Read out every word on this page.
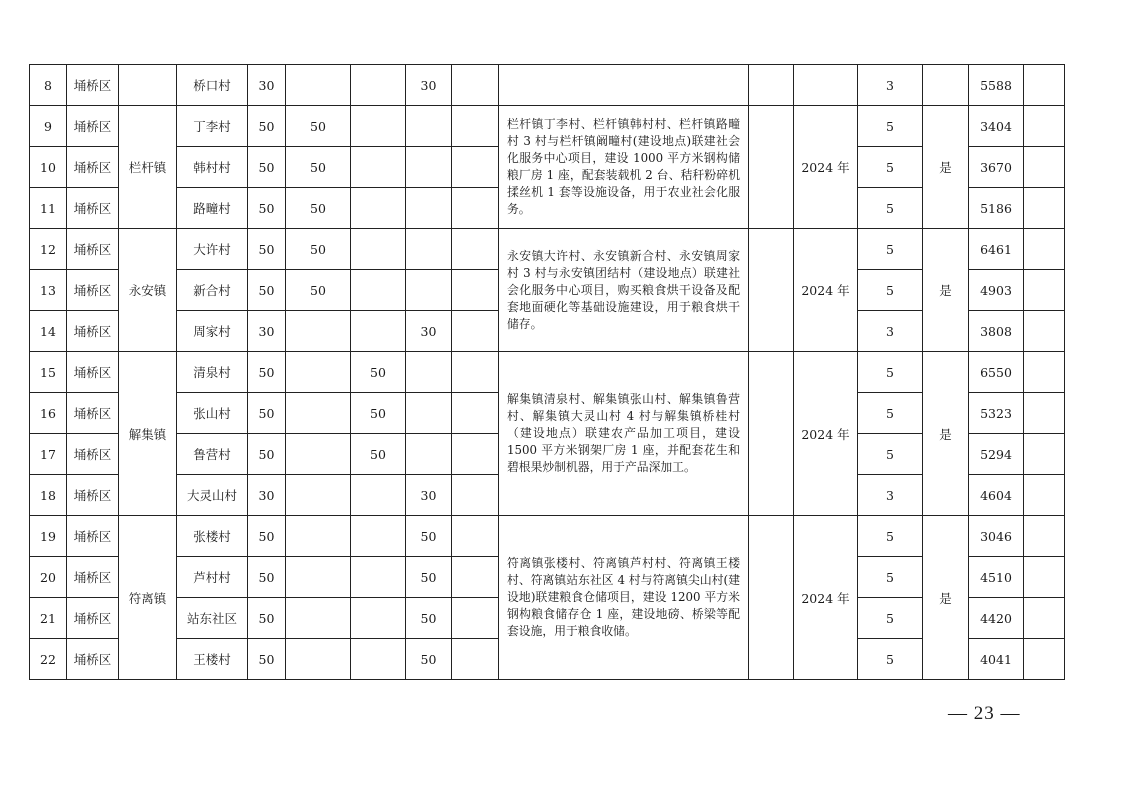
8	埇桥区		桥口村	30			30					3		5588	
9	埇桥区	栏杆镇	丁李村	50	50				栏杆镇丁李村、栏杆镇韩村村、栏杆镇路疃村 3 村与栏杆镇阚疃村(建设地点)联建社会化服务中心项目，建设 1000 平方米钢构储粮厂房 1 座，配套装载机 2 台、秸秆粉碎机揉丝机 1 套等设施设备，用于农业社会化服务。		2024 年	5	是	3404	
10	埇桥区		韩村村	50	50							5		3670	
11	埇桥区		路疃村	50	50							5		5186	
12	埇桥区	永安镇	大许村	50	50				永安镇大许村、永安镇新合村、永安镇周家村 3 村与永安镇团结村（建设地点）联建社会化服务中心项目，购买粮食烘干设备及配套地面硬化等基础设施建设，用于粮食烘干储存。		2024 年	5	是	6461	
13	埇桥区		新合村	50	50							5		4903	
14	埇桥区		周家村	30			30					3		3808	
15	埇桥区	解集镇	清泉村	50		50			解集镇清泉村、解集镇张山村、解集镇鲁营村、解集镇大灵山村 4 村与解集镇桥桂村（建设地点）联建农产品加工项目，建设 1500 平方米钢架厂房 1 座，并配套花生和碧根果炒制机器，用于产品深加工。		2024 年	5	是	6550	
16	埇桥区		张山村	50		50						5		5323	
17	埇桥区		鲁营村	50		50						5		5294	
18	埇桥区		大灵山村	30			30					3		4604	
19	埇桥区	符离镇	张楼村	50			50		符离镇张楼村、符离镇芦村村、符离镇王楼村、符离镇站东社区 4 村与符离镇尖山村(建设地)联建粮食仓储项目，建设 1200 平方米钢构粮食储存仓 1 座，建设地磅、桥梁等配套设施，用于粮食收储。		2024 年	5	是	3046	
20	埇桥区		芦村村	50			50					5		4510	
21	埇桥区		站东社区	50			50					5		4420	
22	埇桥区		王楼村	50			50					5		4041	
— 23 —
